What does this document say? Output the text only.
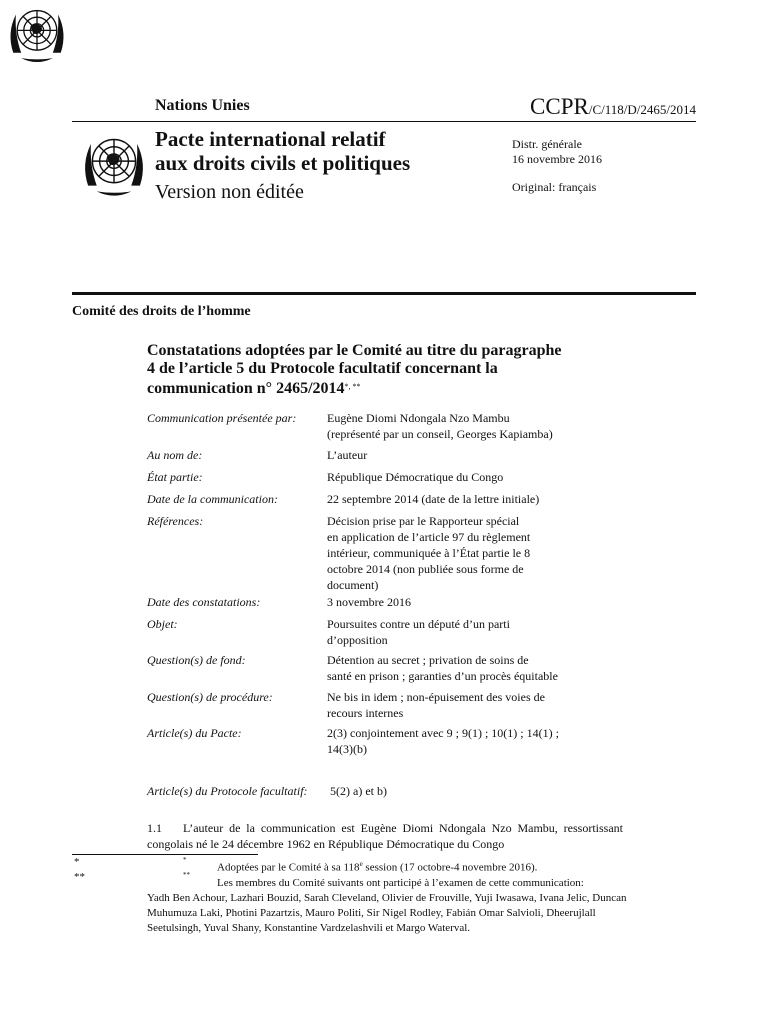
Nations Unies	CCPR/C/118/D/2465/2014
Pacte international relatif
aux droits civils et politiques
Version non éditée
Distr. générale
16 novembre 2016
Original: français
Comité des droits de l’homme
Constatations adoptées par le Comité au titre du paragraphe
4 de l’article 5 du Protocole facultatif concernant la
communication n° 2465/2014*, **
Communication présentée par:	Eugène Diomi Ndongala Nzo Mambu
(représenté par un conseil, Georges Kapiamba)
Au nom de:	L’auteur
État partie:	République Démocratique du Congo
Date de la communication:	22 septembre 2014 (date de la lettre initiale)
Références:	Décision prise par le Rapporteur spécial
en application de l’article 97 du règlement
intérieur, communiquée à l’État partie le 8
octobre 2014 (non publiée sous forme de
document)
Date des constatations:	3 novembre 2016
Objet:	Poursuites contre un député d’un parti
d’opposition
Question(s) de fond:	Détention au secret ; privation de soins de
santé en prison ; garanties d’un procès équitable
Question(s) de procédure:	Ne bis in idem ; non-épuisement des voies de
recours internes
Article(s) du Pacte:	2(3) conjointement avec 9 ; 9(1) ; 10(1) ; 14(1) ;
14(3)(b)
Article(s) du Protocole facultatif:	5(2) a) et b)
1.1 L’auteur de la communication est Eugène Diomi Ndongala Nzo Mambu, ressortissant congolais né le 24 décembre 1962 en République Démocratique du Congo
*
**
*
**
Adoptées par le Comité à sa 118e session (17 octobre-4 novembre 2016).
Les membres du Comité suivants ont participé à l’examen de cette communication:
Yadh Ben Achour, Lazhari Bouzid, Sarah Cleveland, Olivier de Frouville, Yuji Iwasawa, Ivana Jelic, Duncan Muhumuza Laki, Photini Pazartzis, Mauro Politi, Sir Nigel Rodley, Fabián Omar Salvioli, Dheerujlall Seetulsingh, Yuval Shany, Konstantine Vardzelashvili et Margo Waterval.
